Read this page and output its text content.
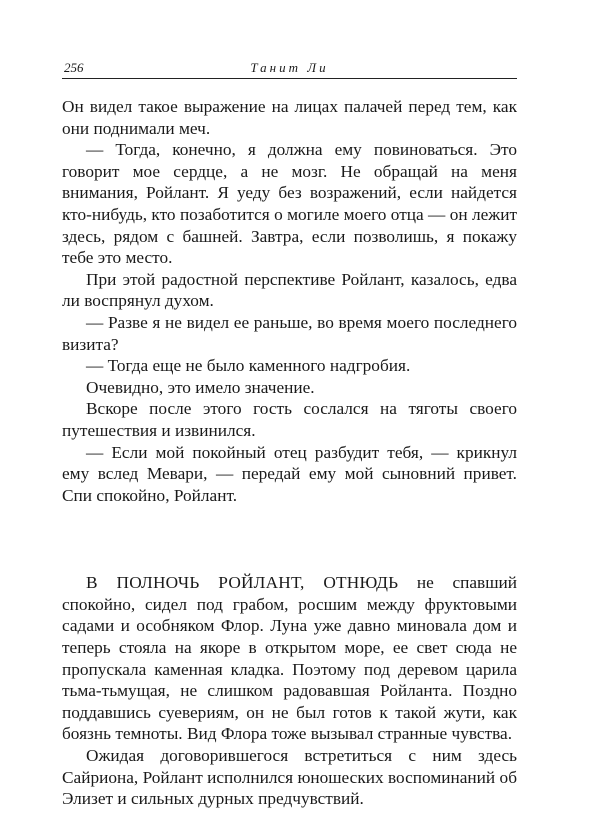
256	Танит Ли

Он видел такое выражение на лицах палачей перед тем, как они поднимали меч.

— Тогда, конечно, я должна ему повиноваться. Это говорит мое сердце, а не мозг. Не обращай на меня внимания, Ройлант. Я уеду без возражений, если найдется кто-нибудь, кто позаботится о могиле моего отца — он лежит здесь, рядом с башней. Завтра, если позволишь, я покажу тебе это место.

При этой радостной перспективе Ройлант, казалось, едва ли воспрянул духом.

— Разве я не видел ее раньше, во время моего последнего визита?

— Тогда еще не было каменного надгробия.

Очевидно, это имело значение.

Вскоре после этого гость сослался на тяготы своего путешествия и извинился.

— Если мой покойный отец разбудит тебя, — крикнул ему вслед Мевари, — передай ему мой сыновний привет. Спи спокойно, Ройлант.

В ПОЛНОЧЬ РОЙЛАНТ, ОТНЮДЬ не спавший спокойно, сидел под грабом, росшим между фруктовыми садами и особняком Флор. Луна уже давно миновала дом и теперь стояла на якоре в открытом море, ее свет сюда не пропускала каменная кладка. Поэтому под деревом царила тьма-тьмущая, не слишком радовавшая Ройланта. Поздно поддавшись суевериям, он не был готов к такой жути, как боязнь темноты. Вид Флора тоже вызывал странные чувства.

Ожидая договорившегося встретиться с ним здесь Сайриона, Ройлант исполнился юношеских воспоминаний об Элизет и сильных дурных предчувствий.
